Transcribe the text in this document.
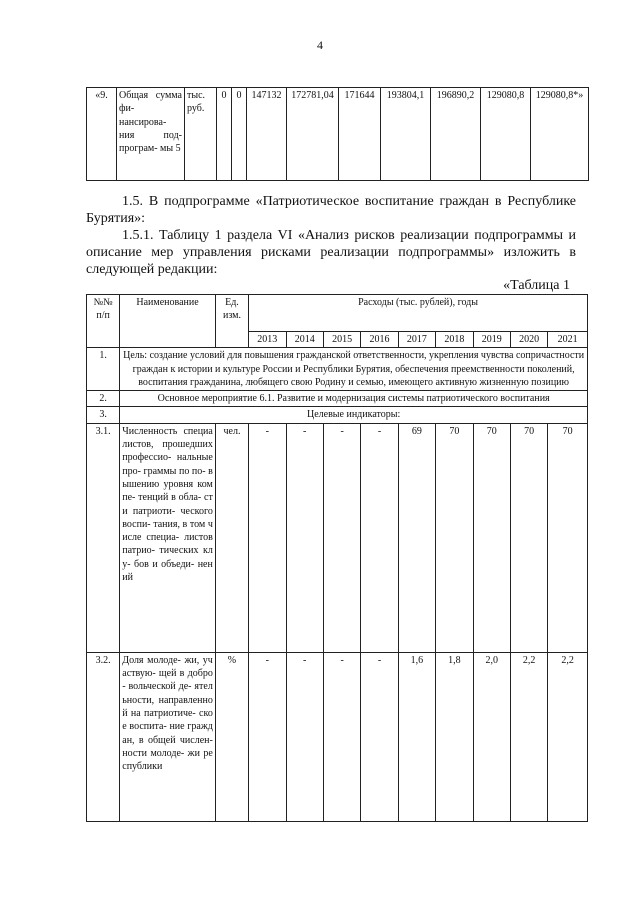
4
«9.	Общая сумма фи- нансирова- ния под- програм- мы 5	тыс. руб.	0	0	147132	172781,04	171644	193804,1	196890,2	129080,8	129080,8*»
1.5. В подпрограмме «Патриотическое воспитание граждан в Республике Бурятия»:
1.5.1. Таблицу 1 раздела VI «Анализ рисков реализации подпрограммы и описание мер управления рисками реализации подпрограммы» изложить в следующей редакции:
«Таблица 1
№№ п/п	Наименование	Ед. изм.	Расходы (тыс. рублей), годы								
			2013	2014	2015	2016	2017	2018	2019	2020	2021
1.	Цель: создание условий для повышения гражданской ответственности, укрепления чувства сопричастности граждан к истории и культуре России и Республики Бурятия, обеспечения преемственности поколений, воспитания гражданина, любящего свою Родину и семью, имеющего активную жизненную позицию										
2.	Основное мероприятие 6.1. Развитие и модернизация системы патриотического воспитания										
3.	Целевые индикаторы:										
3.1.	Численность специалистов, прошедших профессио- нальные про- граммы по по- вышению уровня компе- тенций в обла- сти патриоти- ческого воспи- тания, в том числе специа- листов патрио- тических клу- бов и объеди- нений	чел.	-	-	-	-	69	70	70	70	70
3.2.	Доля молоде- жи, участвую- щей в добро- вольческой де- ятельности, направленной на патриотиче- ское воспита- ние граждан, в общей числен- ности молоде- жи республики	%	-	-	-	-	1,6	1,8	2,0	2,2	2,2
